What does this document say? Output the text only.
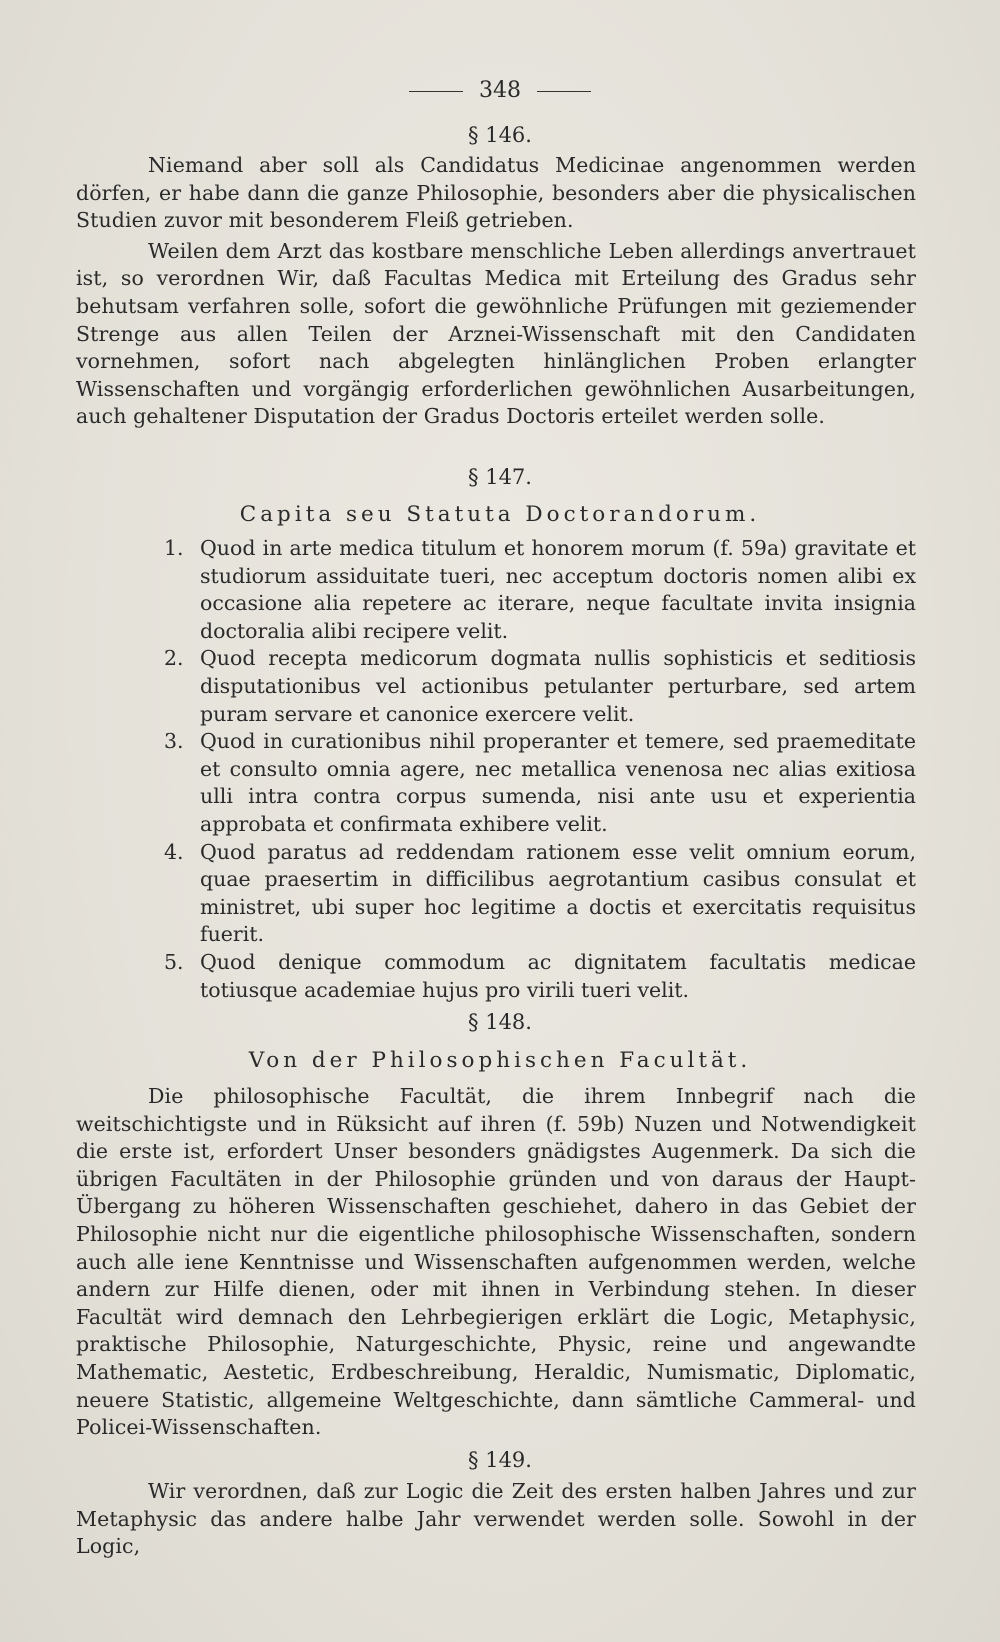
348
§ 146.

Niemand aber soll als Candidatus Medicinae angenommen werden dörfen, er habe dann die ganze Philosophie, besonders aber die physicalischen Studien zuvor mit besonderem Fleiß getrieben.

Weilen dem Arzt das kostbare menschliche Leben allerdings anvertrauet ist, so verordnen Wir, daß Facultas Medica mit Erteilung des Gradus sehr behutsam verfahren solle, sofort die gewöhnliche Prüfungen mit geziemender Strenge aus allen Teilen der Arznei-Wissenschaft mit den Candidaten vornehmen, sofort nach abgelegten hinlänglichen Proben erlangter Wissenschaften und vorgängig erforderlichen gewöhnlichen Ausarbeitungen, auch gehaltener Disputation der Gradus Doctoris erteilet werden solle.

§ 147.
Capita seu Statuta Doctorandorum.

1. Quod in arte medica titulum et honorem morum (f. 59a) gravitate et studiorum assiduitate tueri, nec acceptum doctoris nomen alibi ex occasione alia repetere ac iterare, neque facultate invita insignia doctoralia alibi recipere velit.

2. Quod recepta medicorum dogmata nullis sophisticis et seditiosis disputationibus vel actionibus petulanter perturbare, sed artem puram servare et canonice exercere velit.

3. Quod in curationibus nihil properanter et temere, sed praemeditate et consulto omnia agere, nec metallica venenosa nec alias exitiosa ulli intra contra corpus sumenda, nisi ante usu et experientia approbata et confirmata exhibere velit.

4. Quod paratus ad reddendam rationem esse velit omnium eorum, quae praesertim in difficilibus aegrotantium casibus consulat et ministret, ubi super hoc legitime a doctis et exercitatis requisitus fuerit.

5. Quod denique commodum ac dignitatem facultatis medicae totiusque academiae hujus pro virili tueri velit.

§ 148.
Von der Philosophischen Facultät.

Die philosophische Facultät, die ihrem Innbegrif nach die weitschichtigste und in Rüksicht auf ihren (f. 59b) Nuzen und Notwendigkeit die erste ist, erfordert Unser besonders gnädigstes Augenmerk. Da sich die übrigen Facultäten in der Philosophie gründen und von daraus der Haupt-Übergang zu höheren Wissenschaften geschiehet, dahero in das Gebiet der Philosophie nicht nur die eigentliche philosophische Wissenschaften, sondern auch alle iene Kenntnisse und Wissenschaften aufgenommen werden, welche andern zur Hilfe dienen, oder mit ihnen in Verbindung stehen. In dieser Facultät wird demnach den Lehrbegierigen erklärt die Logic, Metaphysic, praktische Philosophie, Naturgeschichte, Physic, reine und angewandte Mathematic, Aestetic, Erdbeschreibung, Heraldic, Numismatic, Diplomatic, neuere Statistic, allgemeine Weltgeschichte, dann sämtliche Cammeral- und Policei-Wissenschaften.

§ 149.

Wir verordnen, daß zur Logic die Zeit des ersten halben Jahres und zur Metaphysic das andere halbe Jahr verwendet werden solle. Sowohl in der Logic,
